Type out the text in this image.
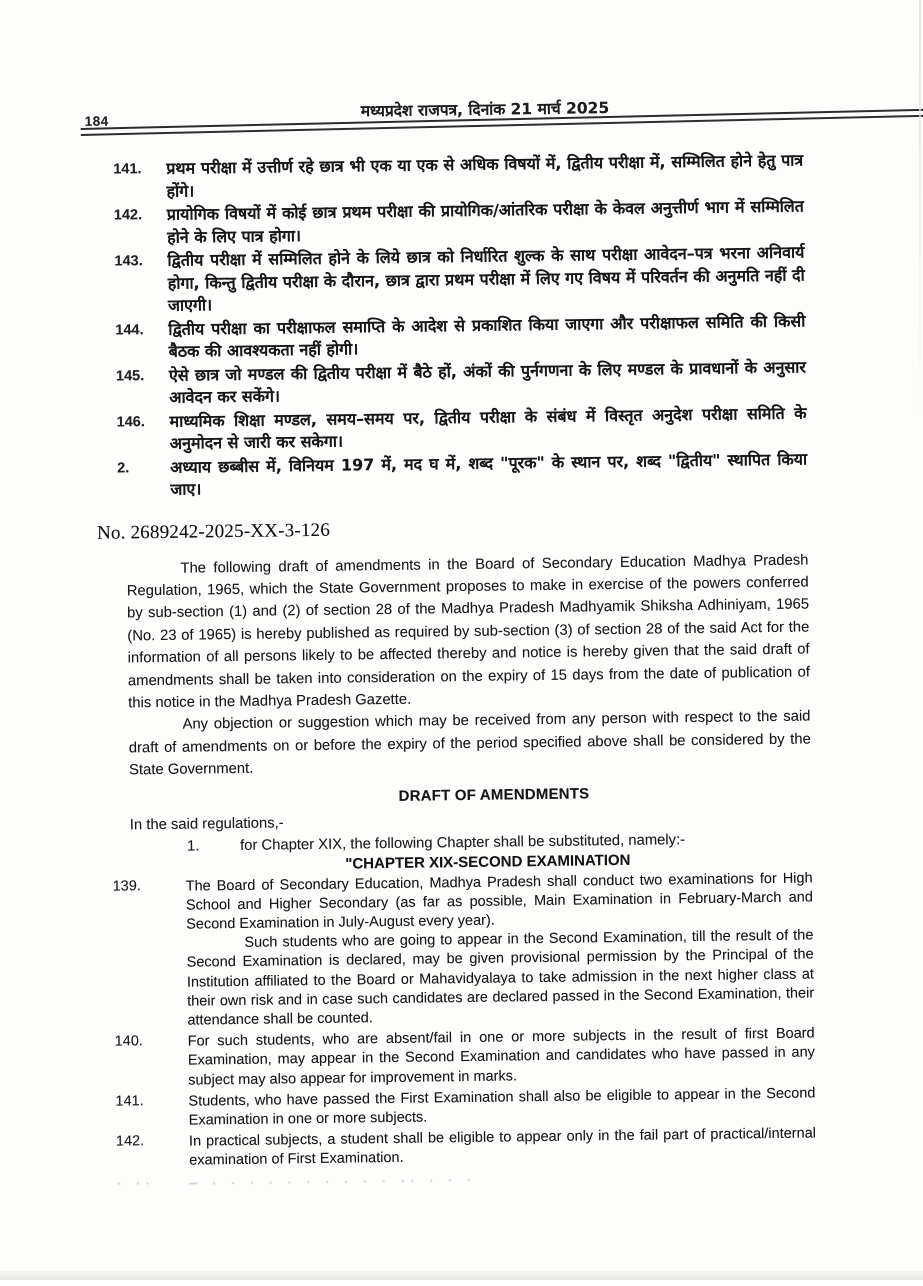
184
मध्यप्रदेश राजपत्र, दिनांक 21 मार्च 2025
141.	प्रथम परीक्षा में उत्तीर्ण रहे छात्र भी एक या एक से अधिक विषयों में, द्वितीय परीक्षा में, सम्मिलित होने हेतु पात्र होंगे।
142.	प्रायोगिक विषयों में कोई छात्र प्रथम परीक्षा की प्रायोगिक/आंतरिक परीक्षा के केवल अनुत्तीर्ण भाग में सम्मिलित होने के लिए पात्र होगा।
143.	द्वितीय परीक्षा में सम्मिलित होने के लिये छात्र को निर्धारित शुल्क के साथ परीक्षा आवेदन–पत्र भरना अनिवार्य होगा, किन्तु द्वितीय परीक्षा के दौरान, छात्र द्वारा प्रथम परीक्षा में लिए गए विषय में परिवर्तन की अनुमति नहीं दी जाएगी।
144.	द्वितीय परीक्षा का परीक्षाफल समाप्ति के आदेश से प्रकाशित किया जाएगा और परीक्षाफल समिति की किसी बैठक की आवश्यकता नहीं होगी।
145.	ऐसे छात्र जो मण्डल की द्वितीय परीक्षा में बैठे हों, अंकों की पुर्नगणना के लिए मण्डल के प्रावधानों के अनुसार आवेदन कर सकेंगे।
146.	माध्यमिक शिक्षा मण्डल, समय–समय पर, द्वितीय परीक्षा के संबंध में विस्तृत अनुदेश परीक्षा समिति के अनुमोदन से जारी कर सकेगा।
2.	अध्याय छब्बीस में, विनियम 197 में, मद घ में, शब्द "पूरक" के स्थान पर, शब्द "द्वितीय" स्थापित किया जाए।
No. 2689242-2025-XX-3-126
The following draft of amendments in the Board of Secondary Education Madhya Pradesh Regulation, 1965, which the State Government proposes to make in exercise of the powers conferred by sub-section (1) and (2) of section 28 of the Madhya Pradesh Madhyamik Shiksha Adhiniyam, 1965 (No. 23 of 1965) is hereby published as required by sub-section (3) of section 28 of the said Act for the information of all persons likely to be affected thereby and notice is hereby given that the said draft of amendments shall be taken into consideration on the expiry of 15 days from the date of publication of this notice in the Madhya Pradesh Gazette.
Any objection or suggestion which may be received from any person with respect to the said draft of amendments on or before the expiry of the period specified above shall be considered by the State Government.
DRAFT OF AMENDMENTS
In the said regulations,-
1.	for Chapter XIX, the following Chapter shall be substituted, namely:-
"CHAPTER XIX-SECOND EXAMINATION
139.	The Board of Secondary Education, Madhya Pradesh shall conduct two examinations for High School and Higher Secondary (as far as possible, Main Examination in February-March and Second Examination in July-August every year).
Such students who are going to appear in the Second Examination, till the result of the Second Examination is declared, may be given provisional permission by the Principal of the Institution affiliated to the Board or Mahavidyalaya to take admission in the next higher class at their own risk and in case such candidates are declared passed in the Second Examination, their attendance shall be counted.
140.	For such students, who are absent/fail in one or more subjects in the result of first Board Examination, may appear in the Second Examination and candidates who have passed in any subject may also appear for improvement in marks.
141.	Students, who have passed the First Examination shall also be eligible to appear in the Second Examination in one or more subjects.
142.	In practical subjects, a student shall be eligible to appear only in the fail part of practical/internal examination of First Examination.
· ··	– · · · · · · · · · · ·· · · ·
